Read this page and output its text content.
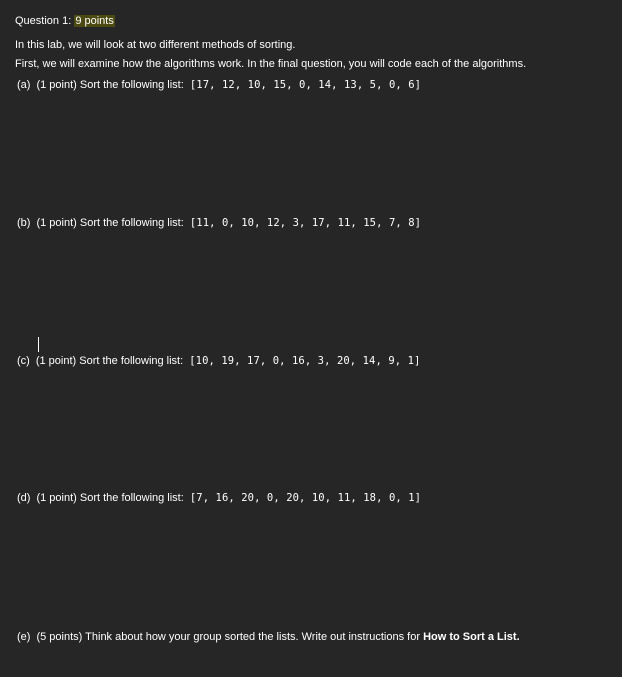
Question 1: 9 points
In this lab, we will look at two different methods of sorting.
First, we will examine how the algorithms work. In the final question, you will code each of the algorithms.
(a) (1 point) Sort the following list: [17, 12, 10, 15, 0, 14, 13, 5, 0, 6]
(b) (1 point) Sort the following list: [11, 0, 10, 12, 3, 17, 11, 15, 7, 8]
(c) (1 point) Sort the following list: [10, 19, 17, 0, 16, 3, 20, 14, 9, 1]
(d) (1 point) Sort the following list: [7, 16, 20, 0, 20, 10, 11, 18, 0, 1]
(e) (5 points) Think about how your group sorted the lists. Write out instructions for How to Sort a List.
